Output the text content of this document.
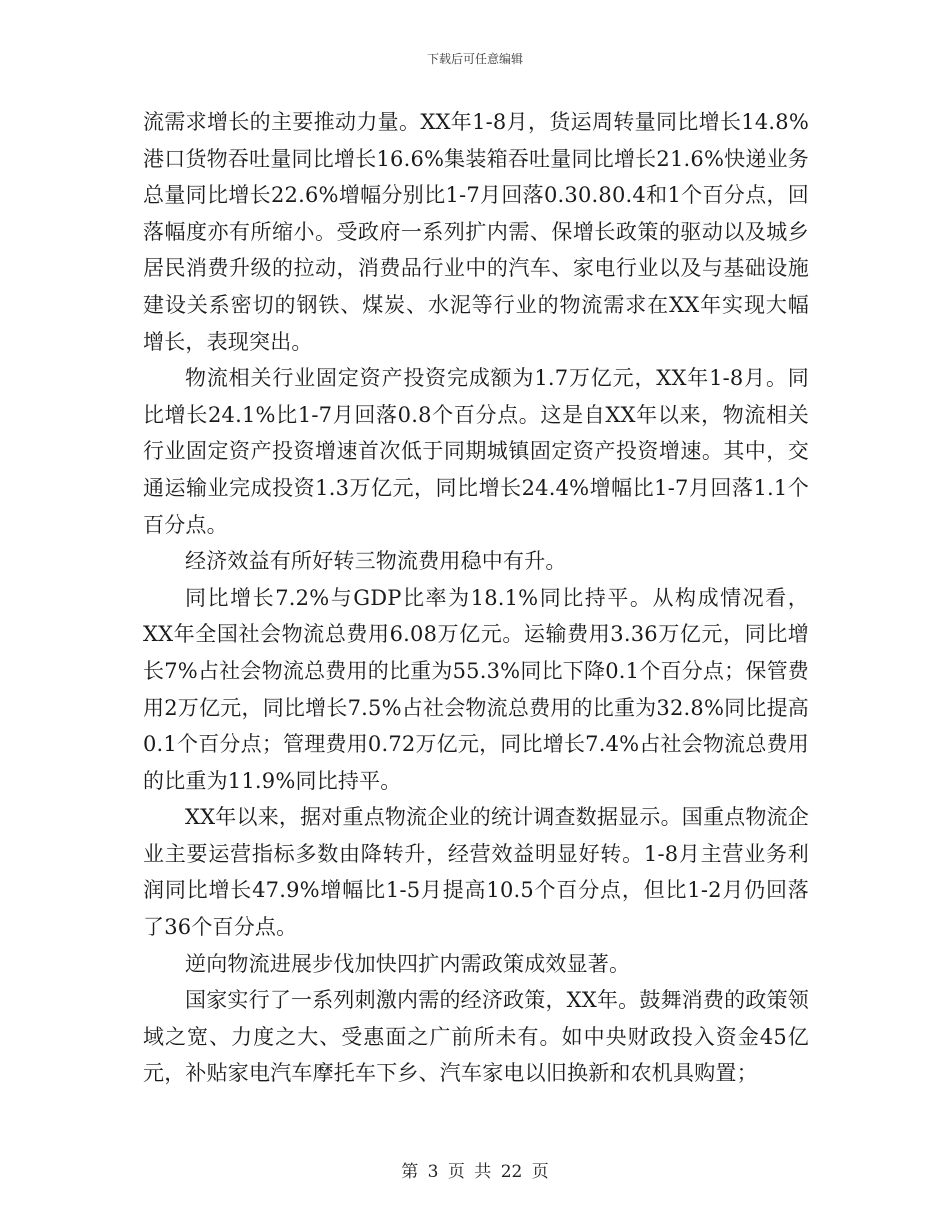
下载后可任意编辑

流需求增长的主要推动力量。XX年1-8月，货运周转量同比增长14.8%港口货物吞吐量同比增长16.6%集装箱吞吐量同比增长21.6%快递业务总量同比增长22.6%增幅分别比1-7月回落0.30.80.4和1个百分点，回落幅度亦有所缩小。受政府一系列扩内需、保增长政策的驱动以及城乡居民消费升级的拉动，消费品行业中的汽车、家电行业以及与基础设施建设关系密切的钢铁、煤炭、水泥等行业的物流需求在XX年实现大幅增长，表现突出。

物流相关行业固定资产投资完成额为1.7万亿元，XX年1-8月。同比增长24.1%比1-7月回落0.8个百分点。这是自XX年以来，物流相关行业固定资产投资增速首次低于同期城镇固定资产投资增速。其中，交通运输业完成投资1.3万亿元，同比增长24.4%增幅比1-7月回落1.1个百分点。

经济效益有所好转三物流费用稳中有升。

同比增长7.2%与GDP比率为18.1%同比持平。从构成情况看，XX年全国社会物流总费用6.08万亿元。运输费用3.36万亿元，同比增长7%占社会物流总费用的比重为55.3%同比下降0.1个百分点；保管费用2万亿元，同比增长7.5%占社会物流总费用的比重为32.8%同比提高0.1个百分点；管理费用0.72万亿元，同比增长7.4%占社会物流总费用的比重为11.9%同比持平。

XX年以来，据对重点物流企业的统计调查数据显示。国重点物流企业主要运营指标多数由降转升，经营效益明显好转。1-8月主营业务利润同比增长47.9%增幅比1-5月提高10.5个百分点，但比1-2月仍回落了36个百分点。

逆向物流进展步伐加快四扩内需政策成效显著。

国家实行了一系列刺激内需的经济政策，XX年。鼓舞消费的政策领域之宽、力度之大、受惠面之广前所未有。如中央财政投入资金45亿元，补贴家电汽车摩托车下乡、汽车家电以旧换新和农机具购置；

第 3 页 共 22 页
